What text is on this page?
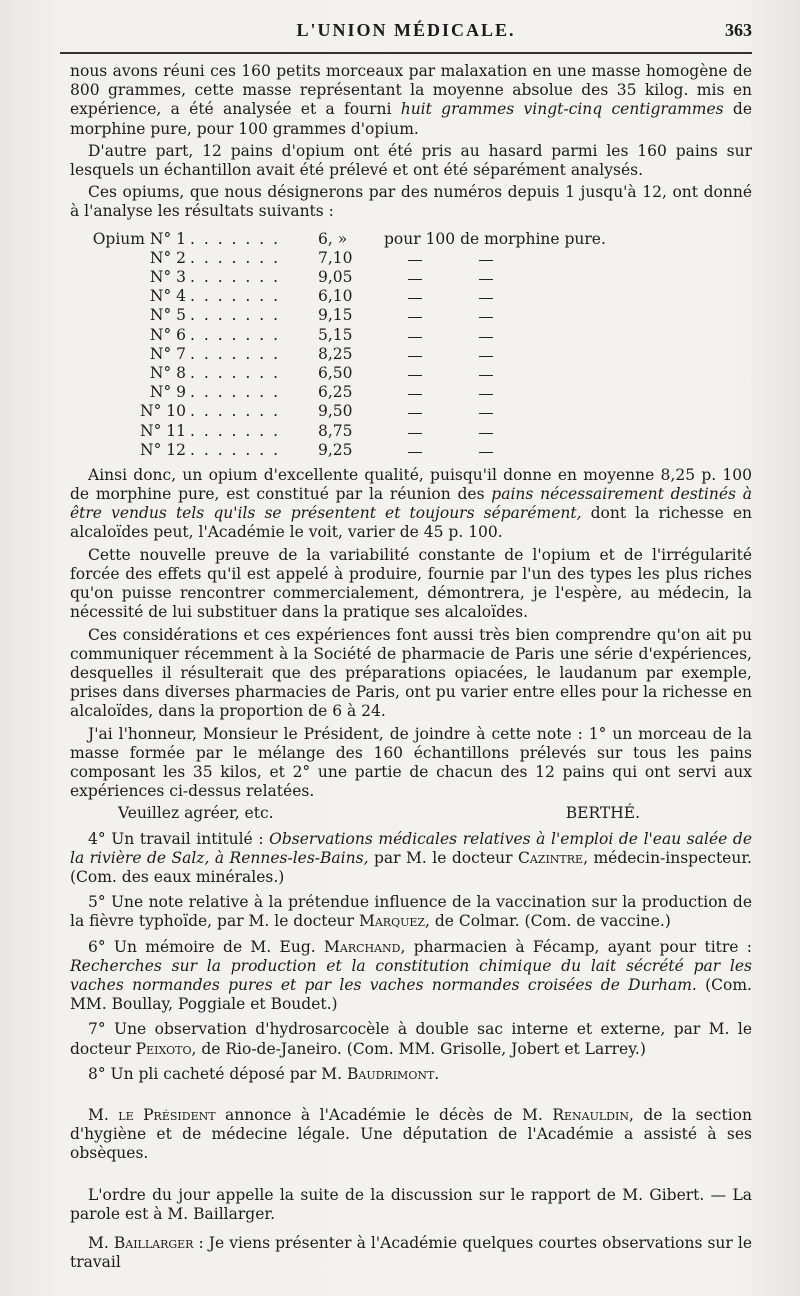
L'UNION MÉDICALE.	363

nous avons réuni ces 160 petits morceaux par malaxation en une masse homogène de 800 grammes, cette masse représentant la moyenne absolue des 35 kilog. mis en expérience, a été analysée et a fourni huit grammes vingt-cinq centigrammes de morphine pure, pour 100 grammes d'opium.

D'autre part, 12 pains d'opium ont été pris au hasard parmi les 160 pains sur lesquels un échantillon avait été prélevé et ont été séparément analysés.

Ces opiums, que nous désignerons par des numéros depuis 1 jusqu'à 12, ont donné à l'analyse les résultats suivants :

Opium N° 1 . . . . . . .	6, »	pour 100 de morphine pure.
N° 2 . . . . . . .	7,10
N° 3 . . . . . . .	9,05
N° 4 . . . . . . .	6,10
N° 5 . . . . . . .	9,15
N° 6 . . . . . . .	5,15
N° 7 . . . . . . .	8,25
N° 8 . . . . . . .	6,50
N° 9 . . . . . . .	6,25
N° 10 . . . . . . .	9,50
N° 11 . . . . . . .	8,75
N° 12 . . . . . . .	9,25

Ainsi donc, un opium d'excellente qualité, puisqu'il donne en moyenne 8,25 p. 100 de morphine pure, est constitué par la réunion des pains nécessairement destinés à être vendus tels qu'ils se présentent et toujours séparément, dont la richesse en alcaloïdes peut, l'Académie le voit, varier de 45 p. 100.

Cette nouvelle preuve de la variabilité constante de l'opium et de l'irrégularité forcée des effets qu'il est appelé à produire, fournie par l'un des types les plus riches qu'on puisse rencontrer commercialement, démontrera, je l'espère, au médecin, la nécessité de lui substituer dans la pratique ses alcaloïdes.

Ces considérations et ces expériences font aussi très bien comprendre qu'on ait pu communiquer récemment à la Société de pharmacie de Paris une série d'expériences, desquelles il résulterait que des préparations opiacées, le laudanum par exemple, prises dans diverses pharmacies de Paris, ont pu varier entre elles pour la richesse en alcaloïdes, dans la proportion de 6 à 24.

J'ai l'honneur, Monsieur le Président, de joindre à cette note : 1° un morceau de la masse formée par le mélange des 160 échantillons prélevés sur tous les pains composant les 35 kilos, et 2° une partie de chacun des 12 pains qui ont servi aux expériences ci-dessus relatées.

Veuillez agréer, etc.	BERTHÉ.

4° Un travail intitulé : Observations médicales relatives à l'emploi de l'eau salée de la rivière de Salz, à Rennes-les-Bains, par M. le docteur Cazintre, médecin-inspecteur. (Com. des eaux minérales.)

5° Une note relative à la prétendue influence de la vaccination sur la production de la fièvre typhoïde, par M. le docteur Marquez, de Colmar. (Com. de vaccine.)

6° Un mémoire de M. Eug. Marchand, pharmacien à Fécamp, ayant pour titre : Recherches sur la production et la constitution chimique du lait sécrété par les vaches normandes pures et par les vaches normandes croisées de Durham. (Com. MM. Boullay, Poggiale et Boudet.)

7° Une observation d'hydrosarcocèle à double sac interne et externe, par M. le docteur Peixoto, de Rio-de-Janeiro. (Com. MM. Grisolle, Jobert et Larrey.)

8° Un pli cacheté déposé par M. Baudrimont.

M. le Président annonce à l'Académie le décès de M. Renauldin, de la section d'hygiène et de médecine légale. Une députation de l'Académie a assisté à ses obsèques.

L'ordre du jour appelle la suite de la discussion sur le rapport de M. Gibert. — La parole est à M. Baillarger.

M. Baillarger : Je viens présenter à l'Académie quelques courtes observations sur le travail
